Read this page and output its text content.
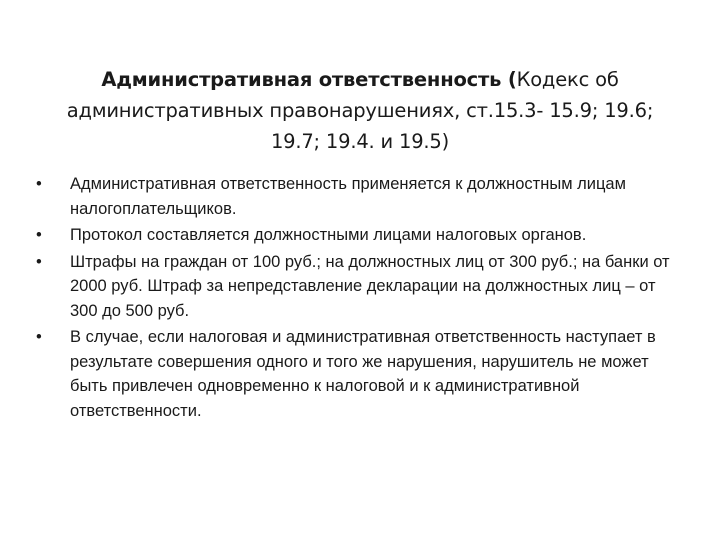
Административная ответственность (Кодекс об административных правонарушениях, ст.15.3- 15.9; 19.6; 19.7; 19.4. и 19.5)
•	Административная ответственность применяется к должностным лицам налогоплательщиков.
•	Протокол составляется должностными лицами налоговых органов.
•	Штрафы на граждан от 100 руб.; на должностных лиц от 300 руб.; на банки от 2000 руб. Штраф за непредставление декларации на должностных лиц – от 300 до 500 руб.
•	В случае, если налоговая и административная ответственность наступает в результате совершения одного и того же нарушения, нарушитель не может быть привлечен одновременно к налоговой и к административной ответственности.
